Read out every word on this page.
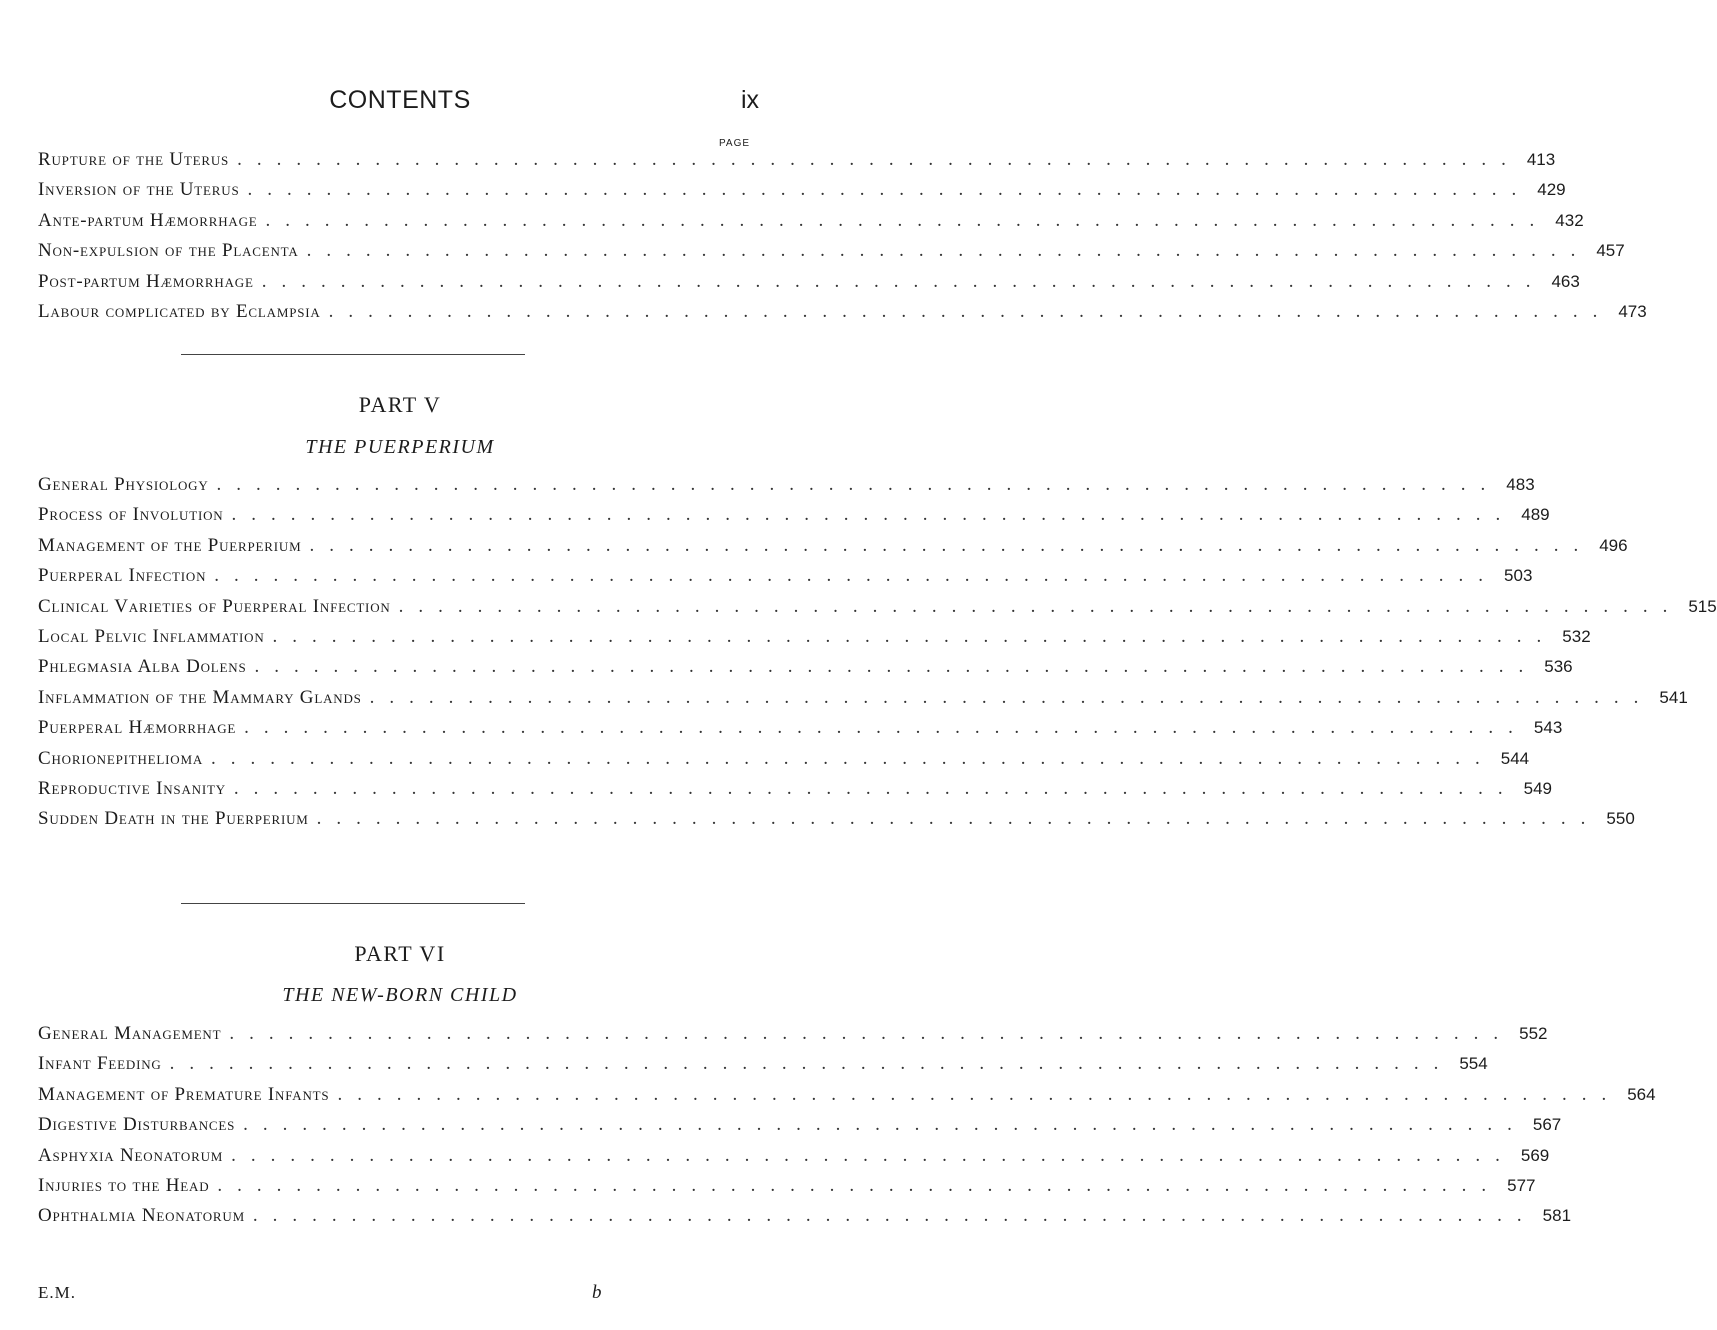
CONTENTS	ix
PAGE
Rupture of the Uterus ................................................................. 413
Inversion of the Uterus ................................................................. 429
Ante-partum Hæmorrhage ................................................................. 432
Non-expulsion of the Placenta ................................................................. 457
Post-partum Hæmorrhage ................................................................. 463
Labour complicated by Eclampsia ................................................................. 473
PART V
THE PUERPERIUM
General Physiology ................................................................. 483
Process of Involution ................................................................. 489
Management of the Puerperium ................................................................. 496
Puerperal Infection ................................................................. 503
Clinical Varieties of Puerperal Infection ................................................................. 515
Local Pelvic Inflammation ................................................................. 532
Phlegmasia Alba Dolens ................................................................. 536
Inflammation of the Mammary Glands ................................................................. 541
Puerperal Hæmorrhage ................................................................. 543
Chorionepithelioma ................................................................. 544
Reproductive Insanity ................................................................. 549
Sudden Death in the Puerperium ................................................................. 550
PART VI
THE NEW-BORN CHILD
General Management ................................................................. 552
Infant Feeding ................................................................. 554
Management of Premature Infants ................................................................. 564
Digestive Disturbances ................................................................. 567
Asphyxia Neonatorum ................................................................. 569
Injuries to the Head ................................................................. 577
Ophthalmia Neonatorum ................................................................. 581
E.M.	b
